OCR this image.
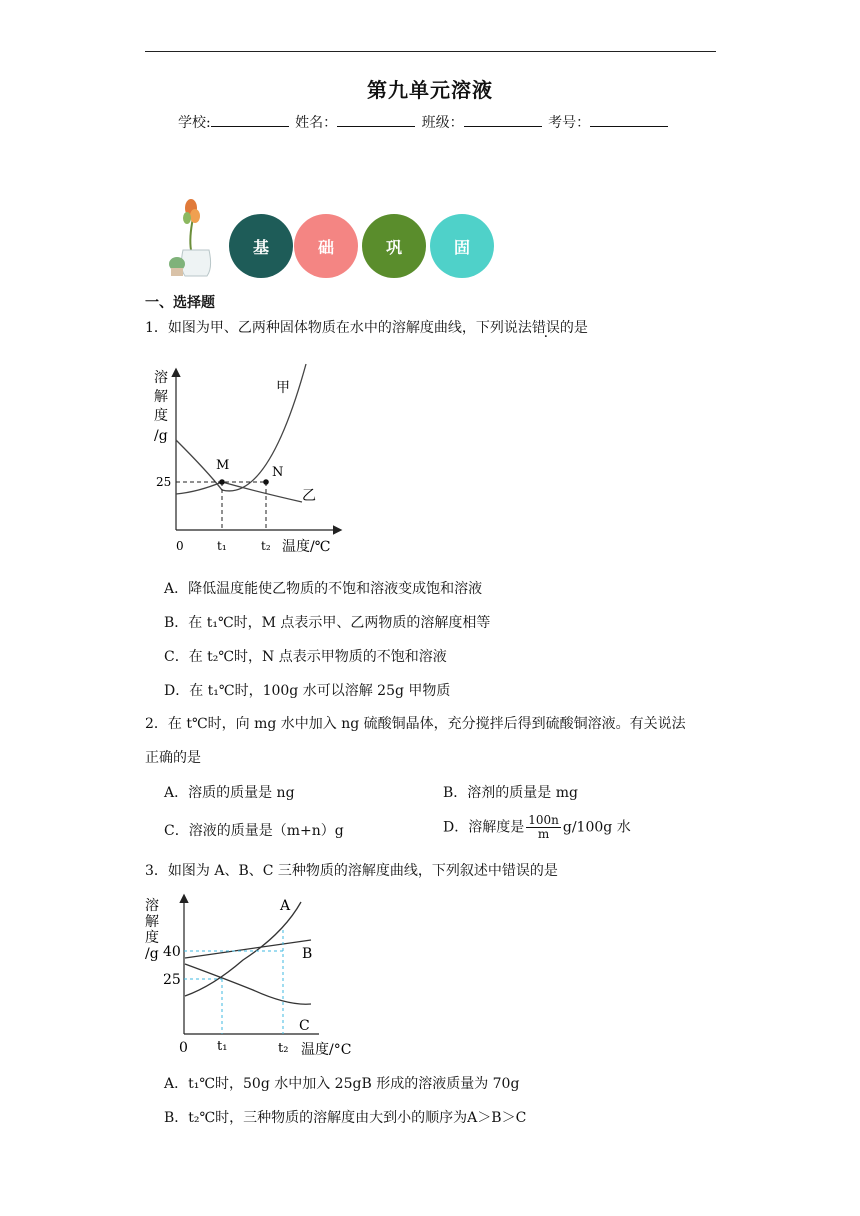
第九单元溶液
学校:	姓名：	班级：	考号：
基	础	巩	固
一、选择题
1．如图为甲、乙两种固体物质在水中的溶解度曲线，下列说法错误的是
溶
解
度
/g
M	N
甲
乙
25
0	t₁	t₂ 温度/℃
A．降低温度能使乙物质的不饱和溶液变成饱和溶液
B．在 t₁℃时，M 点表示甲、乙两物质的溶解度相等
C．在 t₂℃时，N 点表示甲物质的不饱和溶液
D．在 t₁℃时，100g 水可以溶解 25g 甲物质
2．在 t℃时，向 mg 水中加入 ng 硫酸铜晶体，充分搅拌后得到硫酸铜溶液。有关说法
正确的是
A．溶质的质量是 ng	B．溶剂的质量是 mg
C．溶液的质量是（m+n）g	D．溶解度是 $\frac{100n}{m} g/100g$ 水
3．如图为 A、B、C 三种物质的溶解度曲线，下列叙述中错误的是
溶
解
度
/g
A
B
C
40
25
0 t₁	t₂ 温度/°C
A．t₁℃时，50g 水中加入 25gB 形成的溶液质量为 70g
B．t₂℃时，三种物质的溶解度由大到小的顺序为A＞B＞C
